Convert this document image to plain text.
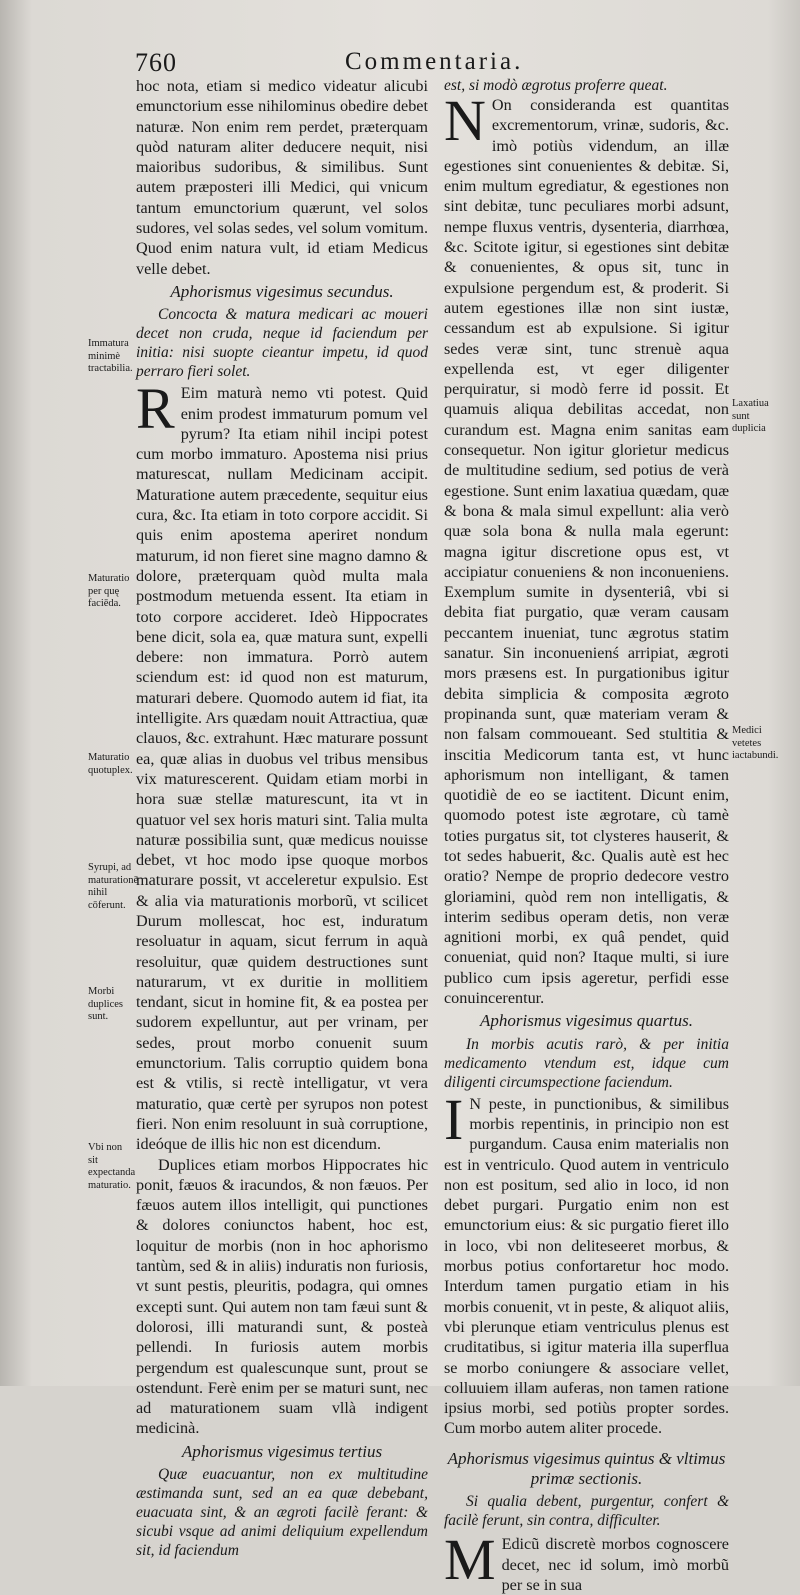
760	Commentaria.
Immatura minimè tractabilia.
Maturatio per quę faciēda.
Maturatio quotuplex.
Syrupi, ad maturationē nihil cōferunt.
Morbi duplices sunt.
Vbi non sit expectanda maturatio.
Laxatiua sunt duplicia
Medici vetetes iactabundi.

hoc nota, etiam si medico videatur alicubi emunctorium esse nihilominus obedire debet naturæ. Non enim rem perdet, præterquam quòd naturam aliter deducere nequit, nisi maioribus sudoribus, & similibus. Sunt autem præposteri illi Medici, qui vnicum tantum emunctorium quærunt, vel solos sudores, vel solas sedes, vel solum vomitum. Quod enim natura vult, id etiam Medicus velle debet.

Aphorismus vigesimus secundus.

Concocta & matura medicari ac moueri decet non cruda, neque id faciendum per initia: nisi suopte cieantur impetu, id quod perraro fieri solet.

R Eim maturà nemo vti potest. Quid enim prodest immaturum pomum vel pyrum? Ita etiam nihil incipi potest cum morbo immaturo. Apostema nisi prius maturescat, nullam Medicinam accipit. Maturatione autem præcedente, sequitur eius cura, &c. Ita etiam in toto corpore accidit. Si quis enim apostema aperiret nondum maturum, id non fieret sine magno damno & dolore, præterquam quòd multa mala postmodum metuenda essent. Ita etiam in toto corpore accideret. Ideò Hippocrates bene dicit, sola ea, quæ matura sunt, expelli debere: non immatura. Porrò autem sciendum est: id quod non est maturum, maturari debere. Quomodo autem id fiat, ita intelligite. Ars quædam nouit Attractiua, quæ clauos, &c. extrahunt. Hæc maturare possunt ea, quæ alias in duobus vel tribus mensibus vix maturescerent. Quidam etiam morbi in hora suæ stellæ maturescunt, ita vt in quatuor vel sex horis maturi sint. Talia multa naturæ possibilia sunt, quæ medicus nouisse debet, vt hoc modo ipse quoque morbos maturare possit, vt acceleretur expulsio. Est & alia via maturationis morborũ, vt scilicet Durum mollescat, hoc est, induratum resoluatur in aquam, sicut ferrum in aquà resoluitur, quæ quidem destructiones sunt naturarum, vt ex duritie in mollitiem tendant, sicut in homine fit, & ea postea per sudorem expelluntur, aut per vrinam, per sedes, prout morbo conuenit suum emunctorium. Talis corruptio quidem bona est & vtilis, si rectè intelligatur, vt vera maturatio, quæ certè per syrupos non potest fieri. Non enim resoluunt in suà corruptione, ideóque de illis hic non est dicendum.

Duplices etiam morbos Hippocrates hic ponit, fæuos & iracundos, & non fæuos. Per fæuos autem illos intelligit, qui punctiones & dolores coniunctos habent, hoc est, loquitur de morbis (non in hoc aphorismo tantùm, sed & in aliis) induratis non furiosis, vt sunt pestis, pleuritis, podagra, qui omnes excepti sunt. Qui autem non tam fæui sunt & dolorosi, illi maturandi sunt, & posteà pellendi. In furiosis autem morbis pergendum est qualescunque sunt, prout se ostendunt. Ferè enim per se maturi sunt, nec ad maturationem suam vllà indigent medicinà.

Aphorismus vigesimus tertius

Quæ euacuantur, non ex multitudine æstimanda sunt, sed an ea quæ debebant, euacuata sint, & an ægroti facilè ferant: & sicubi vsque ad animi deliquium expellendum sit, id faciendum

est, si modò ægrotus proferre queat.

N On consideranda est quantitas excrementorum, vrinæ, sudoris, &c. imò potiùs videndum, an illæ egestiones sint conuenientes & debitæ. Si, enim multum egrediatur, & egestiones non sint debitæ, tunc peculiares morbi adsunt, nempe fluxus ventris, dysenteria, diarrhœa, &c. Scitote igitur, si egestiones sint debitæ & conuenientes, & opus sit, tunc in expulsione pergendum est, & proderit. Si autem egestiones illæ non sint iustæ, cessandum est ab expulsione. Si igitur sedes veræ sint, tunc strenuè aqua expellenda est, vt eger diligenter perquiratur, si modò ferre id possit. Et quamuis aliqua debilitas accedat, non curandum est. Magna enim sanitas eam consequetur. Non igitur glorietur medicus de multitudine sedium, sed potius de verà egestione. Sunt enim laxatiua quædam, quæ & bona & mala simul expellunt: alia verò quæ sola bona & nulla mala egerunt: magna igitur discretione opus est, vt accipiatur conueniens & non inconueniens. Exemplum sumite in dysenteriâ, vbi si debita fiat purgatio, quæ veram causam peccantem inueniat, tunc ægrotus statim sanatur. Sin inconuenienś arripiat, ægroti mors præsens est. In purgationibus igitur debita simplicia & composita ægroto propinanda sunt, quæ materiam veram & non falsam commoueant. Sed stultitia & inscitia Medicorum tanta est, vt hunc aphorismum non intelligant, & tamen quotidiè de eo se iactitent. Dicunt enim, quomodo potest iste ægrotare, cù tamè toties purgatus sit, tot clysteres hauserit, & tot sedes habuerit, &c. Qualis autè est hec oratio? Nempe de proprio dedecore vestro gloriamini, quòd rem non intelligatis, & interim sedibus operam detis, non veræ agnitioni morbi, ex quâ pendet, quid conueniat, quid non? Itaque multi, si iure publico cum ipsis ageretur, perfidi esse conuincerentur.

Aphorismus vigesimus quartus.

In morbis acutis rarò, & per initia medicamento vtendum est, idque cum diligenti circumspectione faciendum.

I N peste, in punctionibus, & similibus morbis repentinis, in principio non est purgandum. Causa enim materialis non est in ventriculo. Quod autem in ventriculo non est positum, sed alio in loco, id non debet purgari. Purgatio enim non est emunctorium eius: & sic purgatio fieret illo in loco, vbi non deliteseeret morbus, & morbus potius confortaretur hoc modo. Interdum tamen purgatio etiam in his morbis conuenit, vt in peste, & aliquot aliis, vbi plerunque etiam ventriculus plenus est cruditatibus, si igitur materia illa superflua se morbo coniungere & associare vellet, colluuiem illam auferas, non tamen ratione ipsius morbi, sed potiùs propter sordes. Cum morbo autem aliter procede.

Aphorismus vigesimus quintus & vltimus primæ sectionis.

Si qualia debent, purgentur, confert & facilè ferunt, sin contra, difficulter.

M Edicũ discretè morbos cognoscere decet, nec id solum, imò morbũ per se in sua
